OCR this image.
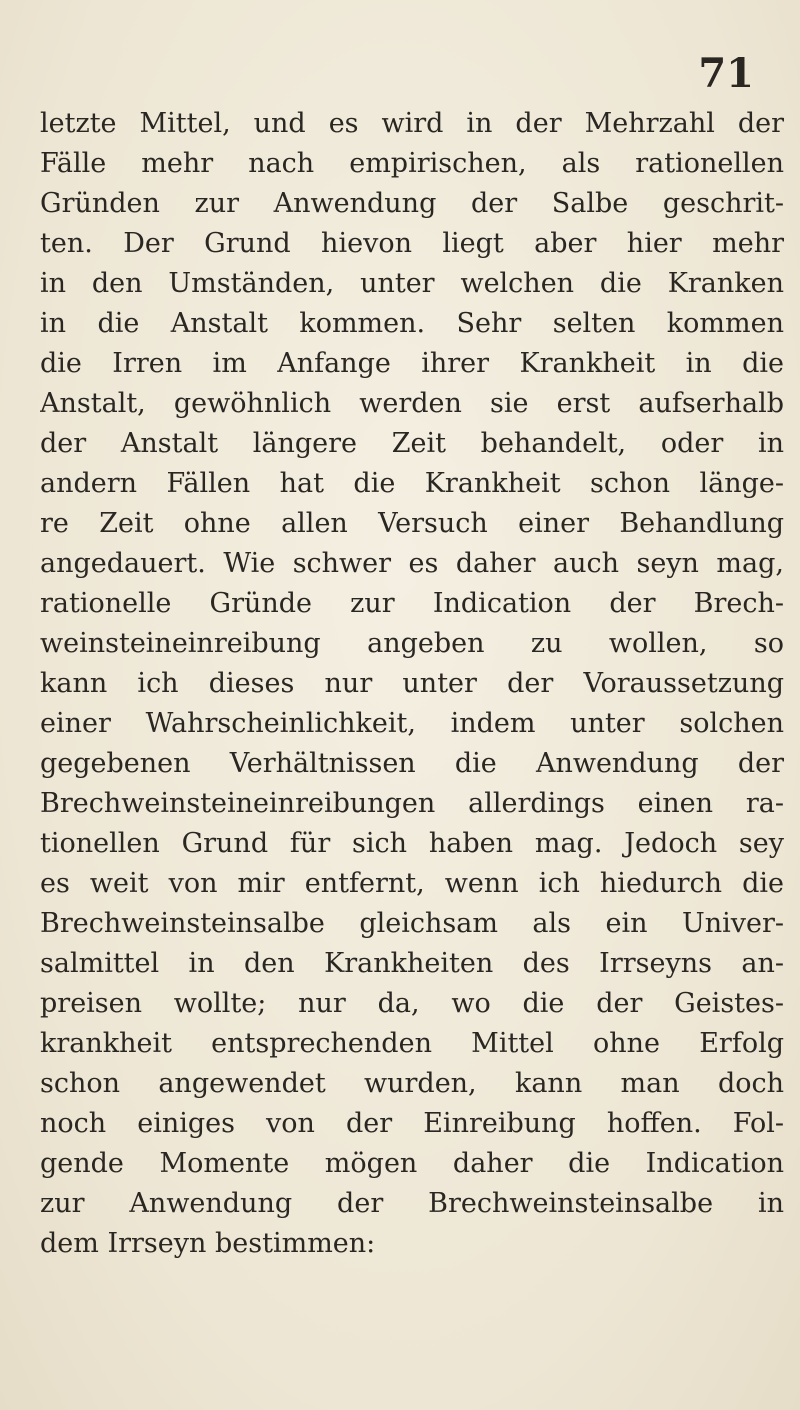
71
letzte Mittel, und es wird in der Mehrzahl der
Fälle mehr nach empirischen, als rationellen
Gründen zur Anwendung der Salbe geschrit-
ten. Der Grund hievon liegt aber hier mehr
in den Umständen, unter welchen die Kranken
in die Anstalt kommen. Sehr selten kommen
die Irren im Anfange ihrer Krankheit in die
Anstalt, gewöhnlich werden sie erst aufserhalb
der Anstalt längere Zeit behandelt, oder in
andern Fällen hat die Krankheit schon länge-
re Zeit ohne allen Versuch einer Behandlung
angedauert. Wie schwer es daher auch seyn mag,
rationelle Gründe zur Indication der Brech-
weinsteineinreibung angeben zu wollen, so
kann ich dieses nur unter der Voraussetzung
einer Wahrscheinlichkeit, indem unter solchen
gegebenen Verhältnissen die Anwendung der
Brechweinsteineinreibungen allerdings einen ra-
tionellen Grund für sich haben mag. Jedoch sey
es weit von mir entfernt, wenn ich hiedurch die
Brechweinsteinsalbe gleichsam als ein Univer-
salmittel in den Krankheiten des Irrseyns an-
preisen wollte; nur da, wo die der Geistes-
krankheit entsprechenden Mittel ohne Erfolg
schon angewendet wurden, kann man doch
noch einiges von der Einreibung hoffen. Fol-
gende Momente mögen daher die Indication
zur Anwendung der Brechweinsteinsalbe in
dem Irrseyn bestimmen:
